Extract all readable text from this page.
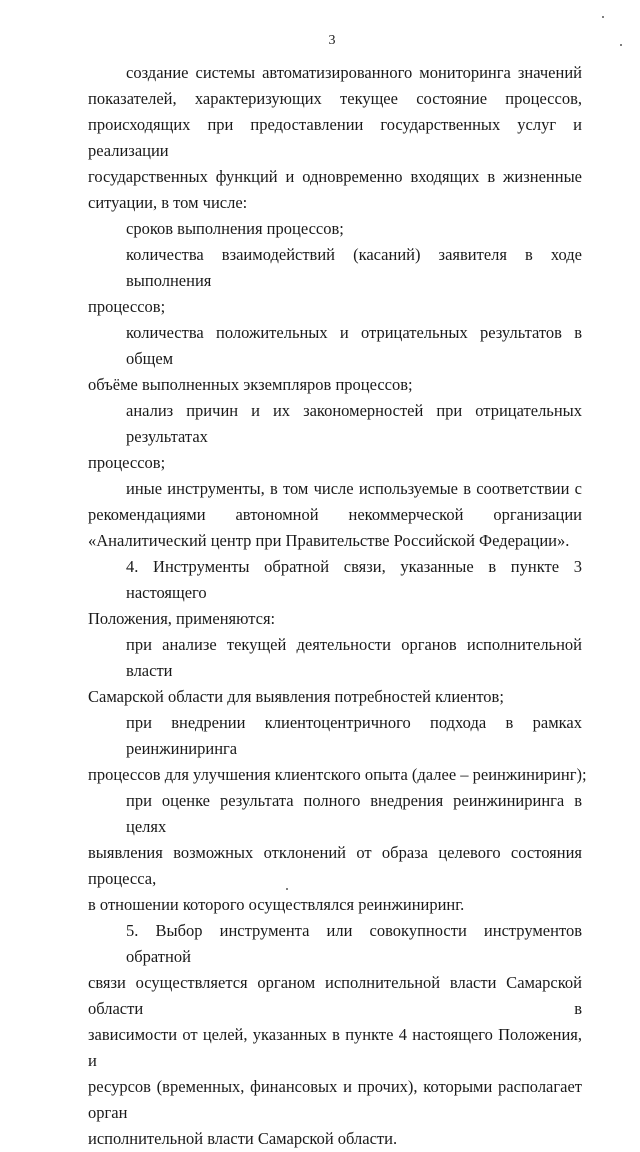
3
создание системы автоматизированного мониторинга значений
показателей, характеризующих текущее состояние процессов,
происходящих при предоставлении государственных услуг и реализации
государственных функций и одновременно входящих в жизненные
ситуации, в том числе:
сроков выполнения процессов;
количества взаимодействий (касаний) заявителя в ходе выполнения
процессов;
количества положительных и отрицательных результатов в общем
объёме выполненных экземпляров процессов;
анализ причин и их закономерностей при отрицательных результатах
процессов;
иные инструменты, в том числе используемые в соответствии с
рекомендациями автономной некоммерческой организации
«Аналитический центр при Правительстве Российской Федерации».
4. Инструменты обратной связи, указанные в пункте 3 настоящего
Положения, применяются:
при анализе текущей деятельности органов исполнительной власти
Самарской области для выявления потребностей клиентов;
при внедрении клиентоцентричного подхода в рамках реинжиниринга
процессов для улучшения клиентского опыта (далее – реинжиниринг);
при оценке результата полного внедрения реинжиниринга в целях
выявления возможных отклонений от образа целевого состояния процесса,
в отношении которого осуществлялся реинжиниринг.
5. Выбор инструмента или совокупности инструментов обратной
связи осуществляется органом исполнительной власти Самарской области в
зависимости от целей, указанных в пункте 4 настоящего Положения, и
ресурсов (временных, финансовых и прочих), которыми располагает орган
исполнительной власти Самарской области.
